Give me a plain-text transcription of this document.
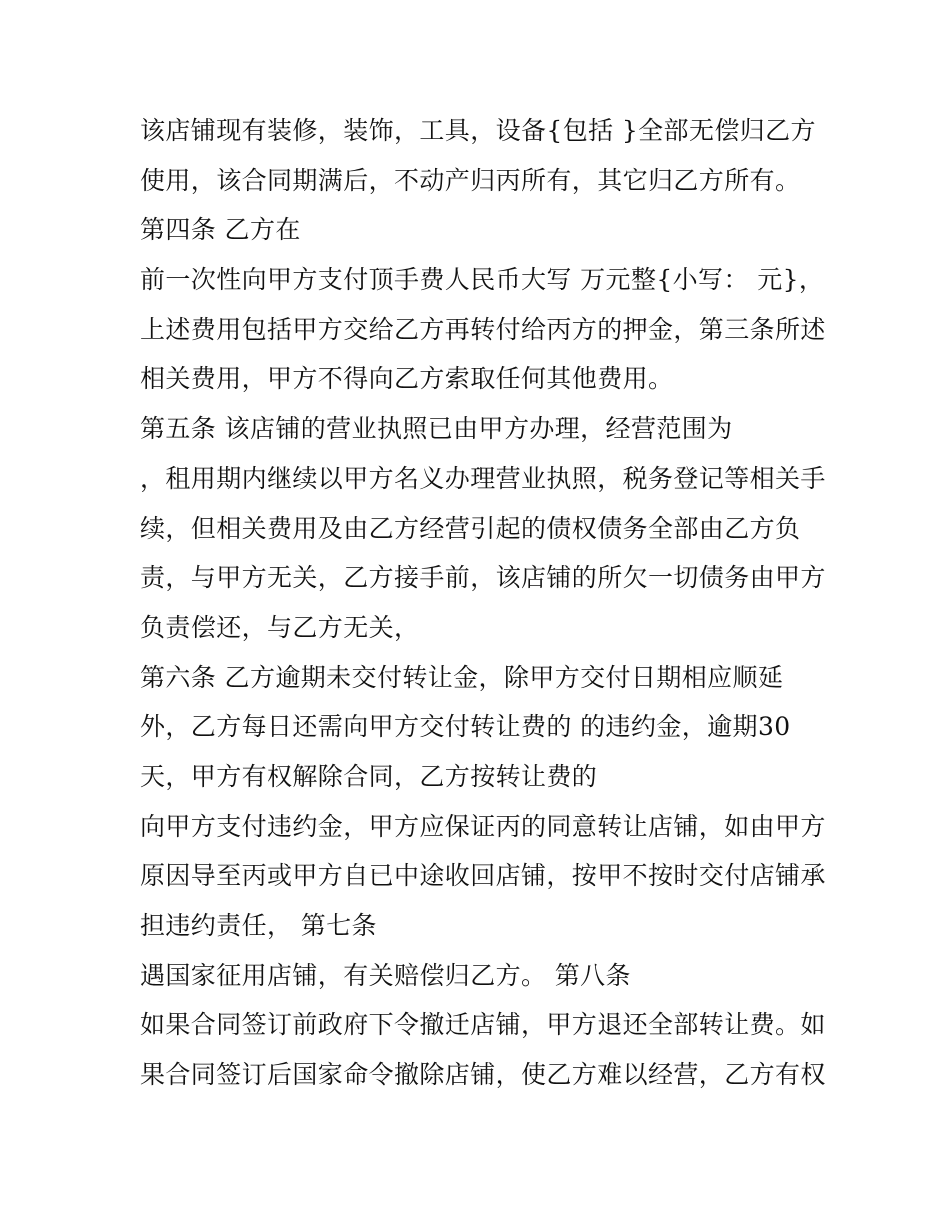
该店铺现有装修，装饰，工具，设备{包括 }全部无偿归乙方
使用，该合同期满后，不动产归丙所有，其它归乙方所有。
第四条 乙方在
前一次性向甲方支付顶手费人民币大写 万元整{小写： 元}，
上述费用包括甲方交给乙方再转付给丙方的押金，第三条所述
相关费用，甲方不得向乙方索取任何其他费用。
第五条 该店铺的营业执照已由甲方办理，经营范围为
，租用期内继续以甲方名义办理营业执照，税务登记等相关手
续，但相关费用及由乙方经营引起的债权债务全部由乙方负
责，与甲方无关，乙方接手前，该店铺的所欠一切债务由甲方
负责偿还，与乙方无关，
第六条 乙方逾期未交付转让金，除甲方交付日期相应顺延
外，乙方每日还需向甲方交付转让费的 的违约金，逾期30
天，甲方有权解除合同，乙方按转让费的
向甲方支付违约金，甲方应保证丙的同意转让店铺，如由甲方
原因导至丙或甲方自已中途收回店铺，按甲不按时交付店铺承
担违约责任， 第七条
遇国家征用店铺，有关赔偿归乙方。 第八条
如果合同签订前政府下令撤迁店铺，甲方退还全部转让费。如
果合同签订后国家命令撤除店铺，使乙方难以经营，乙方有权
